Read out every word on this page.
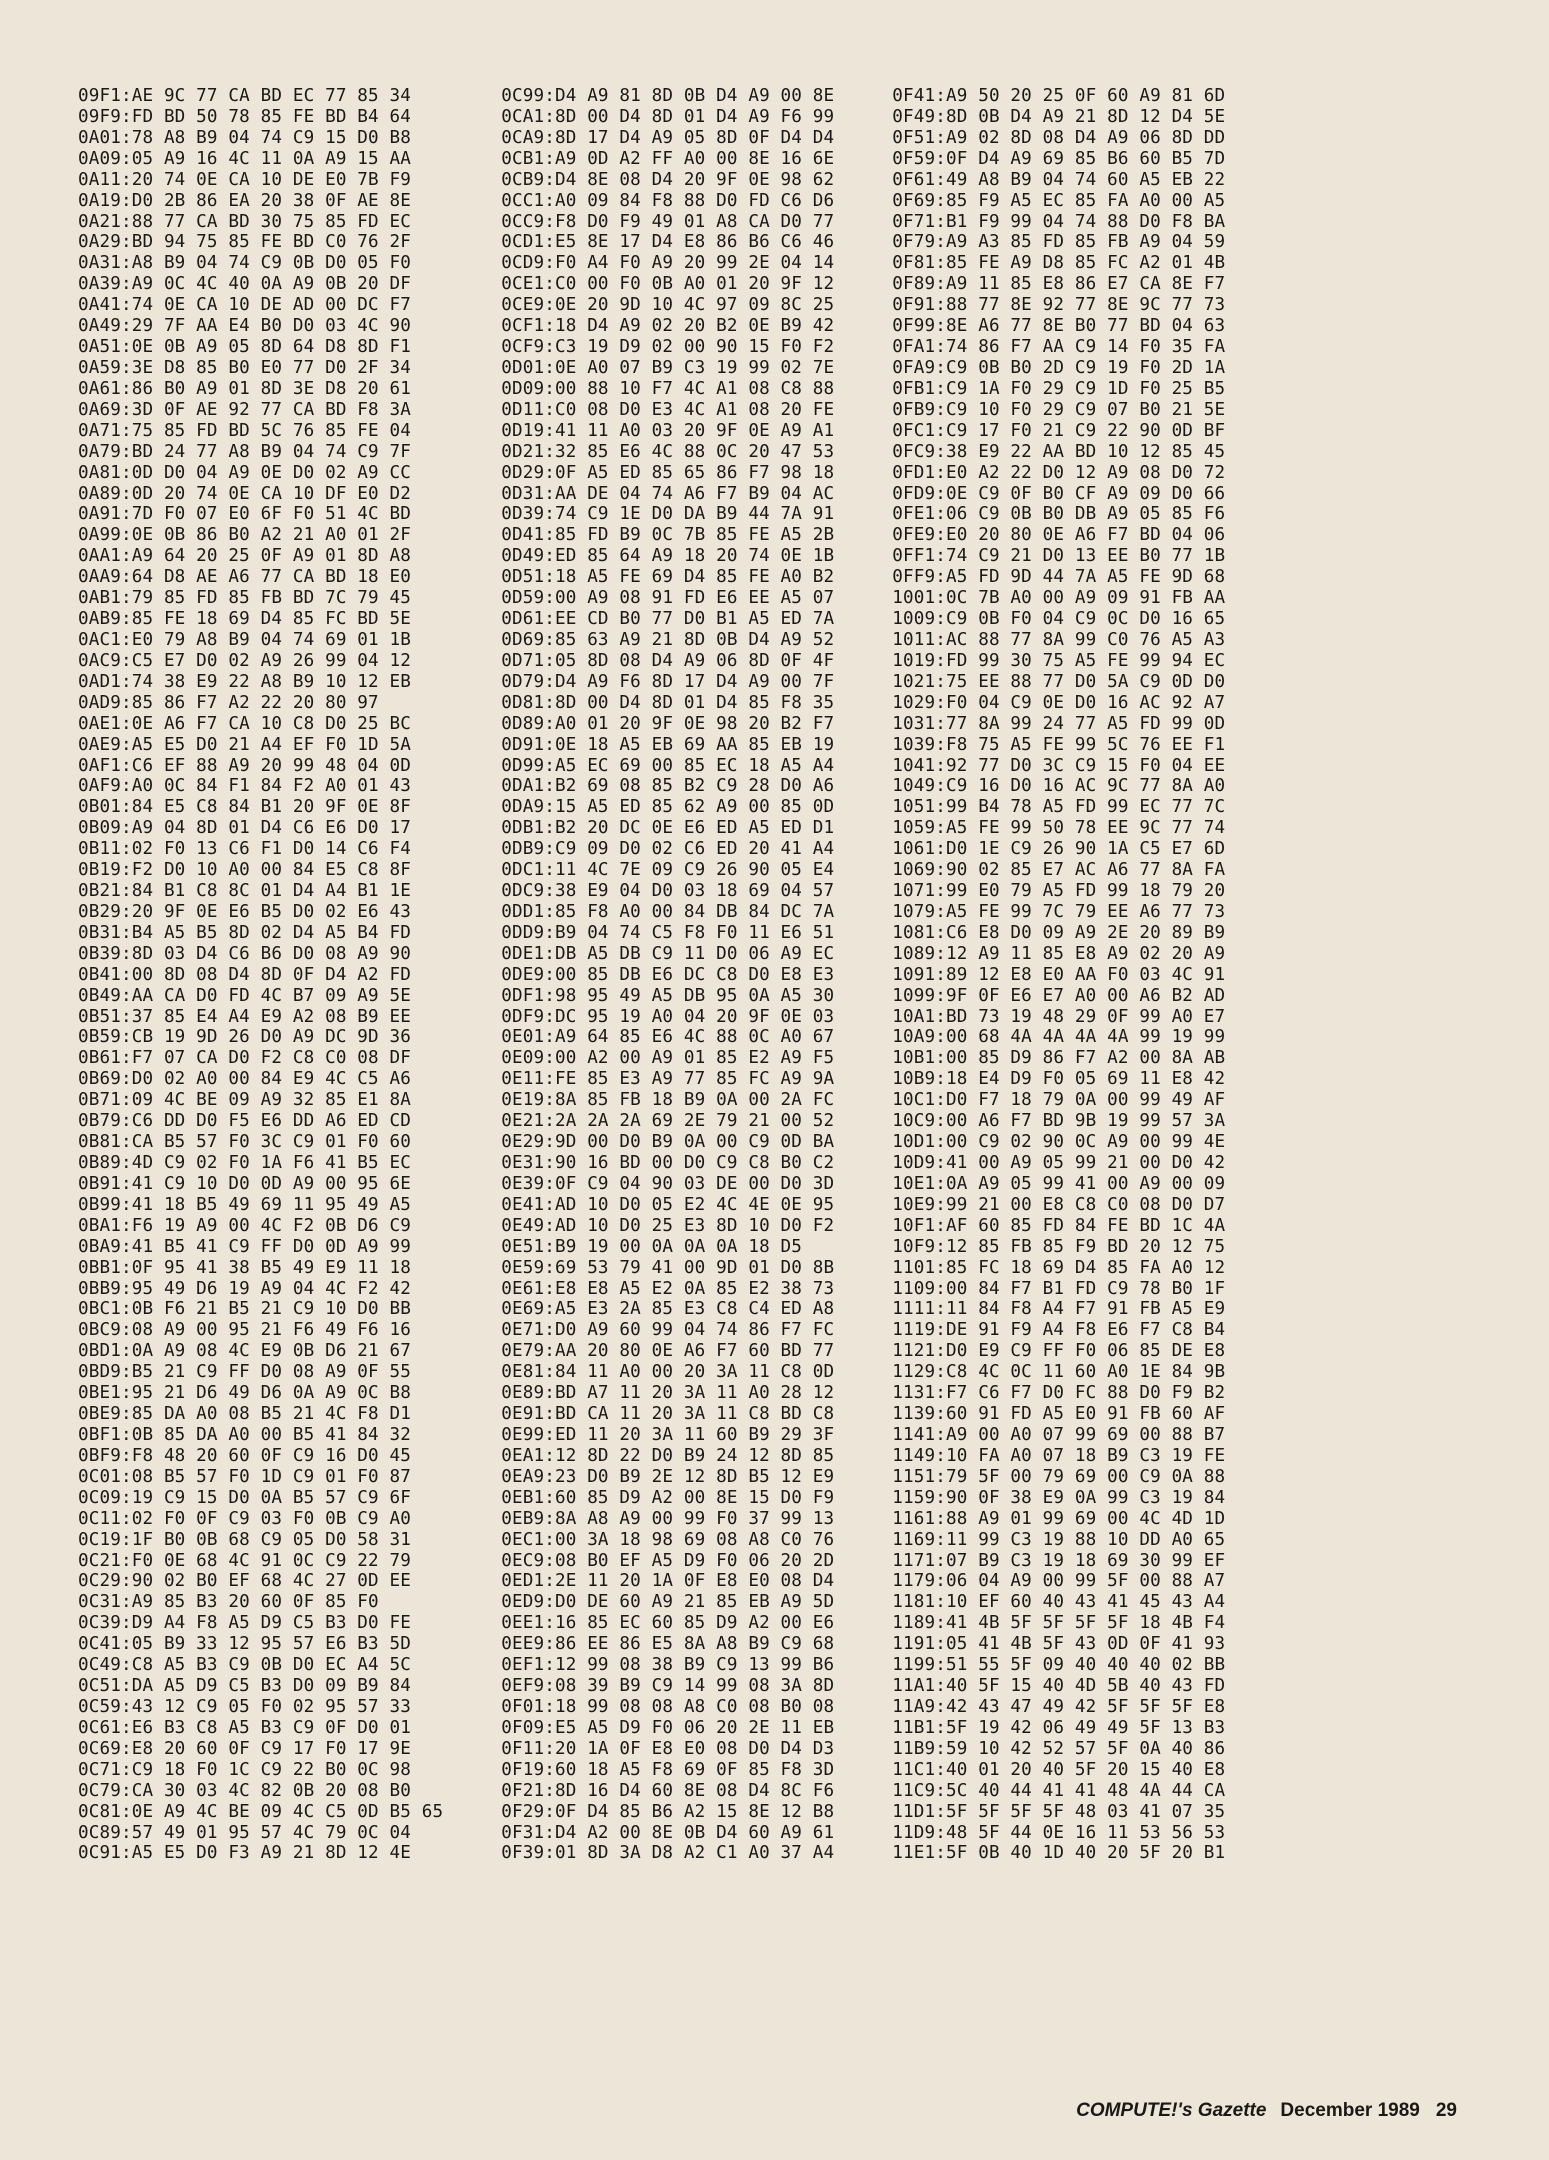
09F1:AE 9C 77 CA BD EC 77 85 34
09F9:FD BD 50 78 85 FE BD B4 64
0A01:78 A8 B9 04 74 C9 15 D0 B8
0A09:05 A9 16 4C 11 0A A9 15 AA
0A11:20 74 0E CA 10 DE E0 7B F9
0A19:D0 2B 86 EA 20 38 0F AE 8E
0A21:88 77 CA BD 30 75 85 FD EC
0A29:BD 94 75 85 FE BD C0 76 2F
0A31:A8 B9 04 74 C9 0B D0 05 F0
0A39:A9 0C 4C 40 0A A9 0B 20 DF
0A41:74 0E CA 10 DE AD 00 DC F7
0A49:29 7F AA E4 B0 D0 03 4C 90
0A51:0E 0B A9 05 8D 64 D8 8D F1
0A59:3E D8 85 B0 E0 77 D0 2F 34
0A61:86 B0 A9 01 8D 3E D8 20 61
0A69:3D 0F AE 92 77 CA BD F8 3A
0A71:75 85 FD BD 5C 76 85 FE 04
0A79:BD 24 77 A8 B9 04 74 C9 7F
0A81:0D D0 04 A9 0E D0 02 A9 CC
0A89:0D 20 74 0E CA 10 DF E0 D2
0A91:7D F0 07 E0 6F F0 51 4C BD
0A99:0E 0B 86 B0 A2 21 A0 01 2F
0AA1:A9 64 20 25 0F A9 01 8D A8
0AA9:64 D8 AE A6 77 CA BD 18 E0
0AB1:79 85 FD 85 FB BD 7C 79 45
0AB9:85 FE 18 69 D4 85 FC BD 5E
0AC1:E0 79 A8 B9 04 74 69 01 1B
0AC9:C5 E7 D0 02 A9 26 99 04 12
0AD1:74 38 E9 22 A8 B9 10 12 EB
0AD9:85 86 F7 A2 22 20 80 97
0AE1:0E A6 F7 CA 10 C8 D0 25 BC
0AE9:A5 E5 D0 21 A4 EF F0 1D 5A
0AF1:C6 EF 88 A9 20 99 48 04 0D
0AF9:A0 0C 84 F1 84 F2 A0 01 43
0B01:84 E5 C8 84 B1 20 9F 0E 8F
0B09:A9 04 8D 01 D4 C6 E6 D0 17
0B11:02 F0 13 C6 F1 D0 14 C6 F4
0B19:F2 D0 10 A0 00 84 E5 C8 8F
0B21:84 B1 C8 8C 01 D4 A4 B1 1E
0B29:20 9F 0E E6 B5 D0 02 E6 43
0B31:B4 A5 B5 8D 02 D4 A5 B4 FD
0B39:8D 03 D4 C6 B6 D0 08 A9 90
0B41:00 8D 08 D4 8D 0F D4 A2 FD
0B49:AA CA D0 FD 4C B7 09 A9 5E
0B51:37 85 E4 A4 E9 A2 08 B9 EE
0B59:CB 19 9D 26 D0 A9 DC 9D 36
0B61:F7 07 CA D0 F2 C8 C0 08 DF
0B69:D0 02 A0 00 84 E9 4C C5 A6
0B71:09 4C BE 09 A9 32 85 E1 8A
0B79:C6 DD D0 F5 E6 DD A6 ED CD
0B81:CA B5 57 F0 3C C9 01 F0 60
0B89:4D C9 02 F0 1A F6 41 B5 EC
0B91:41 C9 10 D0 0D A9 00 95 6E
0B99:41 18 B5 49 69 11 95 49 A5
0BA1:F6 19 A9 00 4C F2 0B D6 C9
0BA9:41 B5 41 C9 FF D0 0D A9 99
0BB1:0F 95 41 38 B5 49 E9 11 18
0BB9:95 49 D6 19 A9 04 4C F2 42
0BC1:0B F6 21 B5 21 C9 10 D0 BB
0BC9:08 A9 00 95 21 F6 49 F6 16
0BD1:0A A9 08 4C E9 0B D6 21 67
0BD9:B5 21 C9 FF D0 08 A9 0F 55
0BE1:95 21 D6 49 D6 0A A9 0C B8
0BE9:85 DA A0 08 B5 21 4C F8 D1
0BF1:0B 85 DA A0 00 B5 41 84 32
0BF9:F8 48 20 60 0F C9 16 D0 45
0C01:08 B5 57 F0 1D C9 01 F0 87
0C09:19 C9 15 D0 0A B5 57 C9 6F
0C11:02 F0 0F C9 03 F0 0B C9 A0
0C19:1F B0 0B 68 C9 05 D0 58 31
0C21:F0 0E 68 4C 91 0C C9 22 79
0C29:90 02 B0 EF 68 4C 27 0D EE
0C31:A9 85 B3 20 60 0F 85 F0
0C39:D9 A4 F8 A5 D9 C5 B3 D0 FE
0C41:05 B9 33 12 95 57 E6 B3 5D
0C49:C8 A5 B3 C9 0B D0 EC A4 5C
0C51:DA A5 D9 C5 B3 D0 09 B9 84
0C59:43 12 C9 05 F0 02 95 57 33
0C61:E6 B3 C8 A5 B3 C9 0F D0 01
0C69:E8 20 60 0F C9 17 F0 17 9E
0C71:C9 18 F0 1C C9 22 B0 0C 98
0C79:CA 30 03 4C 82 0B 20 08 B0
0C81:0E A9 4C BE 09 4C C5 0D B5 65
0C89:57 49 01 95 57 4C 79 0C 04
0C91:A5 E5 D0 F3 A9 21 8D 12 4E
0C99:D4 A9 81 8D 0B D4 A9 00 8E
0CA1:8D 00 D4 8D 01 D4 A9 F6 99
0CA9:8D 17 D4 A9 05 8D 0F D4 D4
0CB1:A9 0D A2 FF A0 00 8E 16 6E
0CB9:D4 8E 08 D4 20 9F 0E 98 62
0CC1:A0 09 84 F8 88 D0 FD C6 D6
0CC9:F8 D0 F9 49 01 A8 CA D0 77
0CD1:E5 8E 17 D4 E8 86 B6 C6 46
0CD9:F0 A4 F0 A9 20 99 2E 04 14
0CE1:C0 00 F0 0B A0 01 20 9F 12
0CE9:0E 20 9D 10 4C 97 09 8C 25
0CF1:18 D4 A9 02 20 B2 0E B9 42
0CF9:C3 19 D9 02 00 90 15 F0 F2
0D01:0E A0 07 B9 C3 19 99 02 7E
0D09:00 88 10 F7 4C A1 08 C8 88
0D11:C0 08 D0 E3 4C A1 08 20 FE
0D19:41 11 A0 03 20 9F 0E A9 A1
0D21:32 85 E6 4C 88 0C 20 47 53
0D29:0F A5 ED 85 65 86 F7 98 18
0D31:AA DE 04 74 A6 F7 B9 04 AC
0D39:74 C9 1E D0 DA B9 44 7A 91
0D41:85 FD B9 0C 7B 85 FE A5 2B
0D49:ED 85 64 A9 18 20 74 0E 1B
0D51:18 A5 FE 69 D4 85 FE A0 B2
0D59:00 A9 08 91 FD E6 EE A5 07
0D61:EE CD B0 77 D0 B1 A5 ED 7A
0D69:85 63 A9 21 8D 0B D4 A9 52
0D71:05 8D 08 D4 A9 06 8D 0F 4F
0D79:D4 A9 F6 8D 17 D4 A9 00 7F
0D81:8D 00 D4 8D 01 D4 85 F8 35
0D89:A0 01 20 9F 0E 98 20 B2 F7
0D91:0E 18 A5 EB 69 AA 85 EB 19
0D99:A5 EC 69 00 85 EC 18 A5 A4
0DA1:B2 69 08 85 B2 C9 28 D0 A6
0DA9:15 A5 ED 85 62 A9 00 85 0D
0DB1:B2 20 DC 0E E6 ED A5 ED D1
0DB9:C9 09 D0 02 C6 ED 20 41 A4
0DC1:11 4C 7E 09 C9 26 90 05 E4
0DC9:38 E9 04 D0 03 18 69 04 57
0DD1:85 F8 A0 00 84 DB 84 DC 7A
0DD9:B9 04 74 C5 F8 F0 11 E6 51
0DE1:DB A5 DB C9 11 D0 06 A9 EC
0DE9:00 85 DB E6 DC C8 D0 E8 E3
0DF1:98 95 49 A5 DB 95 0A A5 30
0DF9:DC 95 19 A0 04 20 9F 0E 03
0E01:A9 64 85 E6 4C 88 0C A0 67
0E09:00 A2 00 A9 01 85 E2 A9 F5
0E11:FE 85 E3 A9 77 85 FC A9 9A
0E19:8A 85 FB 18 B9 0A 00 2A FC
0E21:2A 2A 2A 69 2E 79 21 00 52
0E29:9D 00 D0 B9 0A 00 C9 0D BA
0E31:90 16 BD 00 D0 C9 C8 B0 C2
0E39:0F C9 04 90 03 DE 00 D0 3D
0E41:AD 10 D0 05 E2 4C 4E 0E 95
0E49:AD 10 D0 25 E3 8D 10 D0 F2
0E51:B9 19 00 0A 0A 0A 18 D5
0E59:69 53 79 41 00 9D 01 D0 8B
0E61:E8 E8 A5 E2 0A 85 E2 38 73
0E69:A5 E3 2A 85 E3 C8 C4 ED A8
0E71:D0 A9 60 99 04 74 86 F7 FC
0E79:AA 20 80 0E A6 F7 60 BD 77
0E81:84 11 A0 00 20 3A 11 C8 0D
0E89:BD A7 11 20 3A 11 A0 28 12
0E91:BD CA 11 20 3A 11 C8 BD C8
0E99:ED 11 20 3A 11 60 B9 29 3F
0EA1:12 8D 22 D0 B9 24 12 8D 85
0EA9:23 D0 B9 2E 12 8D B5 12 E9
0EB1:60 85 D9 A2 00 8E 15 D0 F9
0EB9:8A A8 A9 00 99 F0 37 99 13
0EC1:00 3A 18 98 69 08 A8 C0 76
0EC9:08 B0 EF A5 D9 F0 06 20 2D
0ED1:2E 11 20 1A 0F E8 E0 08 D4
0ED9:D0 DE 60 A9 21 85 EB A9 5D
0EE1:16 85 EC 60 85 D9 A2 00 E6
0EE9:86 EE 86 E5 8A A8 B9 C9 68
0EF1:12 99 08 38 B9 C9 13 99 B6
0EF9:08 39 B9 C9 14 99 08 3A 8D
0F01:18 99 08 08 A8 C0 08 B0 08
0F09:E5 A5 D9 F0 06 20 2E 11 EB
0F11:20 1A 0F E8 E0 08 D0 D4 D3
0F19:60 18 A5 F8 69 0F 85 F8 3D
0F21:8D 16 D4 60 8E 08 D4 8C F6
0F29:0F D4 85 B6 A2 15 8E 12 B8
0F31:D4 A2 00 8E 0B D4 60 A9 61
0F39:01 8D 3A D8 A2 C1 A0 37 A4
0F41:A9 50 20 25 0F 60 A9 81 6D
0F49:8D 0B D4 A9 21 8D 12 D4 5E
0F51:A9 02 8D 08 D4 A9 06 8D DD
0F59:0F D4 A9 69 85 B6 60 B5 7D
0F61:49 A8 B9 04 74 60 A5 EB 22
0F69:85 F9 A5 EC 85 FA A0 00 A5
0F71:B1 F9 99 04 74 88 D0 F8 BA
0F79:A9 A3 85 FD 85 FB A9 04 59
0F81:85 FE A9 D8 85 FC A2 01 4B
0F89:A9 11 85 E8 86 E7 CA 8E F7
0F91:88 77 8E 92 77 8E 9C 77 73
0F99:8E A6 77 8E B0 77 BD 04 63
0FA1:74 86 F7 AA C9 14 F0 35 FA
0FA9:C9 0B B0 2D C9 19 F0 2D 1A
0FB1:C9 1A F0 29 C9 1D F0 25 B5
0FB9:C9 10 F0 29 C9 07 B0 21 5E
0FC1:C9 17 F0 21 C9 22 90 0D BF
0FC9:38 E9 22 AA BD 10 12 85 45
0FD1:E0 A2 22 D0 12 A9 08 D0 72
0FD9:0E C9 0F B0 CF A9 09 D0 66
0FE1:06 C9 0B B0 DB A9 05 85 F6
0FE9:E0 20 80 0E A6 F7 BD 04 06
0FF1:74 C9 21 D0 13 EE B0 77 1B
0FF9:A5 FD 9D 44 7A A5 FE 9D 68
1001:0C 7B A0 00 A9 09 91 FB AA
1009:C9 0B F0 04 C9 0C D0 16 65
1011:AC 88 77 8A 99 C0 76 A5 A3
1019:FD 99 30 75 A5 FE 99 94 EC
1021:75 EE 88 77 D0 5A C9 0D D0
1029:F0 04 C9 0E D0 16 AC 92 A7
1031:77 8A 99 24 77 A5 FD 99 0D
1039:F8 75 A5 FE 99 5C 76 EE F1
1041:92 77 D0 3C C9 15 F0 04 EE
1049:C9 16 D0 16 AC 9C 77 8A A0
1051:99 B4 78 A5 FD 99 EC 77 7C
1059:A5 FE 99 50 78 EE 9C 77 74
1061:D0 1E C9 26 90 1A C5 E7 6D
1069:90 02 85 E7 AC A6 77 8A FA
1071:99 E0 79 A5 FD 99 18 79 20
1079:A5 FE 99 7C 79 EE A6 77 73
1081:C6 E8 D0 09 A9 2E 20 89 B9
1089:12 A9 11 85 E8 A9 02 20 A9
1091:89 12 E8 E0 AA F0 03 4C 91
1099:9F 0F E6 E7 A0 00 A6 B2 AD
10A1:BD 73 19 48 29 0F 99 A0 E7
10A9:00 68 4A 4A 4A 4A 99 19 99
10B1:00 85 D9 86 F7 A2 00 8A AB
10B9:18 E4 D9 F0 05 69 11 E8 42
10C1:D0 F7 18 79 0A 00 99 49 AF
10C9:00 A6 F7 BD 9B 19 99 57 3A
10D1:00 C9 02 90 0C A9 00 99 4E
10D9:41 00 A9 05 99 21 00 D0 42
10E1:0A A9 05 99 41 00 A9 00 09
10E9:99 21 00 E8 C8 C0 08 D0 D7
10F1:AF 60 85 FD 84 FE BD 1C 4A
10F9:12 85 FB 85 F9 BD 20 12 75
1101:85 FC 18 69 D4 85 FA A0 12
1109:00 84 F7 B1 FD C9 78 B0 1F
1111:11 84 F8 A4 F7 91 FB A5 E9
1119:DE 91 F9 A4 F8 E6 F7 C8 B4
1121:D0 E9 C9 FF F0 06 85 DE E8
1129:C8 4C 0C 11 60 A0 1E 84 9B
1131:F7 C6 F7 D0 FC 88 D0 F9 B2
1139:60 91 FD A5 E0 91 FB 60 AF
1141:A9 00 A0 07 99 69 00 88 B7
1149:10 FA A0 07 18 B9 C3 19 FE
1151:79 5F 00 79 69 00 C9 0A 88
1159:90 0F 38 E9 0A 99 C3 19 84
1161:88 A9 01 99 69 00 4C 4D 1D
1169:11 99 C3 19 88 10 DD A0 65
1171:07 B9 C3 19 18 69 30 99 EF
1179:06 04 A9 00 99 5F 00 88 A7
1181:10 EF 60 40 43 41 45 43 A4
1189:41 4B 5F 5F 5F 5F 18 4B F4
1191:05 41 4B 5F 43 0D 0F 41 93
1199:51 55 5F 09 40 40 40 02 BB
11A1:40 5F 15 40 4D 5B 40 43 FD
11A9:42 43 47 49 42 5F 5F 5F E8
11B1:5F 19 42 06 49 49 5F 13 B3
11B9:59 10 42 52 57 5F 0A 40 86
11C1:40 01 20 40 5F 20 15 40 E8
11C9:5C 40 44 41 41 48 4A 44 CA
11D1:5F 5F 5F 5F 48 03 41 07 35
11D9:48 5F 44 0E 16 11 53 56 53
11E1:5F 0B 40 1D 40 20 5F 20 B1
COMPUTE!'s Gazette December 1989 29
